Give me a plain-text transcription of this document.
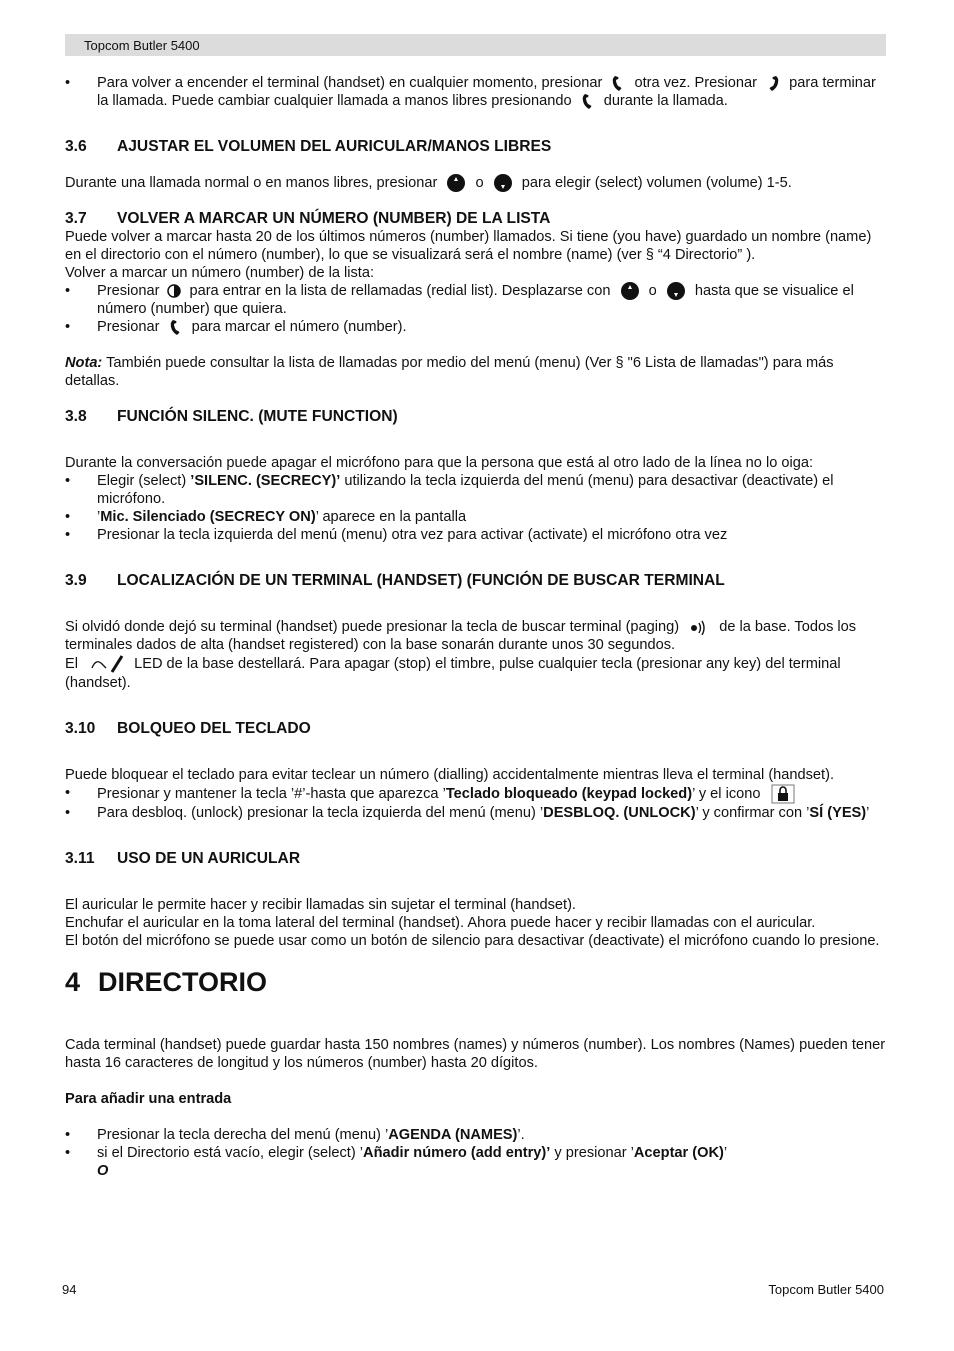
Topcom Butler 5400
• Para volver a encender el terminal (handset) en cualquier momento, presionar otra vez. Presionar para terminar la llamada. Puede cambiar cualquier llamada a manos libres presionando durante la llamada.
3.6 AJUSTAR EL VOLUMEN DEL AURICULAR/MANOS LIBRES
Durante una llamada normal o en manos libres, presionar	o	para elegir (select) volumen (volume) 1-5.
3.7 VOLVER A MARCAR UN NÚMERO (NUMBER) DE LA LISTA
Puede volver a marcar hasta 20 de los últimos números (number) llamados. Si tiene (you have) guardado un nombre (name) en el directorio con el número (number), lo que se visualizará será el nombre (name) (ver § “4 Directorio” ).
Volver a marcar un número (number) de la lista:
• Presionar para entrar en la lista de rellamadas (redial list). Desplazarse con	o	hasta que se visualice el número (number) que quiera.
• Presionar para marcar el número (number).
Nota: También puede consultar la lista de llamadas por medio del menú (menu) (Ver § "6 Lista de llamadas") para más detallas.
3.8 FUNCIÓN SILENC. (MUTE FUNCTION)
Durante la conversación puede apagar el micrófono para que la persona que está al otro lado de la línea no lo oiga:
• Elegir (select) ’SILENC. (SECRECY)’ utilizando la tecla izquierda del menú (menu) para desactivar (deactivate) el micrófono.
• ’Mic. Silenciado (SECRECY ON)’ aparece en la pantalla
• Presionar la tecla izquierda del menú (menu) otra vez para activar (activate) el micrófono otra vez
3.9 LOCALIZACIÓN DE UN TERMINAL (HANDSET) (FUNCIÓN DE BUSCAR TERMINAL
Si olvidó donde dejó su terminal (handset) puede presionar la tecla de buscar terminal (paging)	de la base. Todos los terminales dados de alta (handset registered) con la base sonarán durante unos 30 segundos.
El	LED de la base destellará. Para apagar (stop) el timbre, pulse cualquier tecla (presionar any key) del terminal (handset).
3.10 BOLQUEO DEL TECLADO
Puede bloquear el teclado para evitar teclear un número (dialling) accidentalmente mientras lleva el terminal (handset).
• Presionar y mantener la tecla ’#’-hasta que aparezca ’Teclado bloqueado (keypad locked)’ y el icono
• Para desbloq. (unlock) presionar la tecla izquierda del menú (menu) ’DESBLOQ. (UNLOCK)’ y confirmar con ’SÍ (YES)’
3.11 USO DE UN AURICULAR
El auricular le permite hacer y recibir llamadas sin sujetar el terminal (handset).
Enchufar el auricular en la toma lateral del terminal (handset). Ahora puede hacer y recibir llamadas con el auricular.
El botón del micrófono se puede usar como un botón de silencio para desactivar (deactivate) el micrófono cuando lo presione.
4 DIRECTORIO
Cada terminal (handset) puede guardar hasta 150 nombres (names) y números (number). Los nombres (Names) pueden tener hasta 16 caracteres de longitud y los números (number) hasta 20 dígitos.
Para añadir una entrada
• Presionar la tecla derecha del menú (menu) ’AGENDA (NAMES)’.
• si el Directorio está vacío, elegir (select) ’Añadir número (add entry)’ y presionar ’Aceptar (OK)’
O
94	Topcom Butler 5400
